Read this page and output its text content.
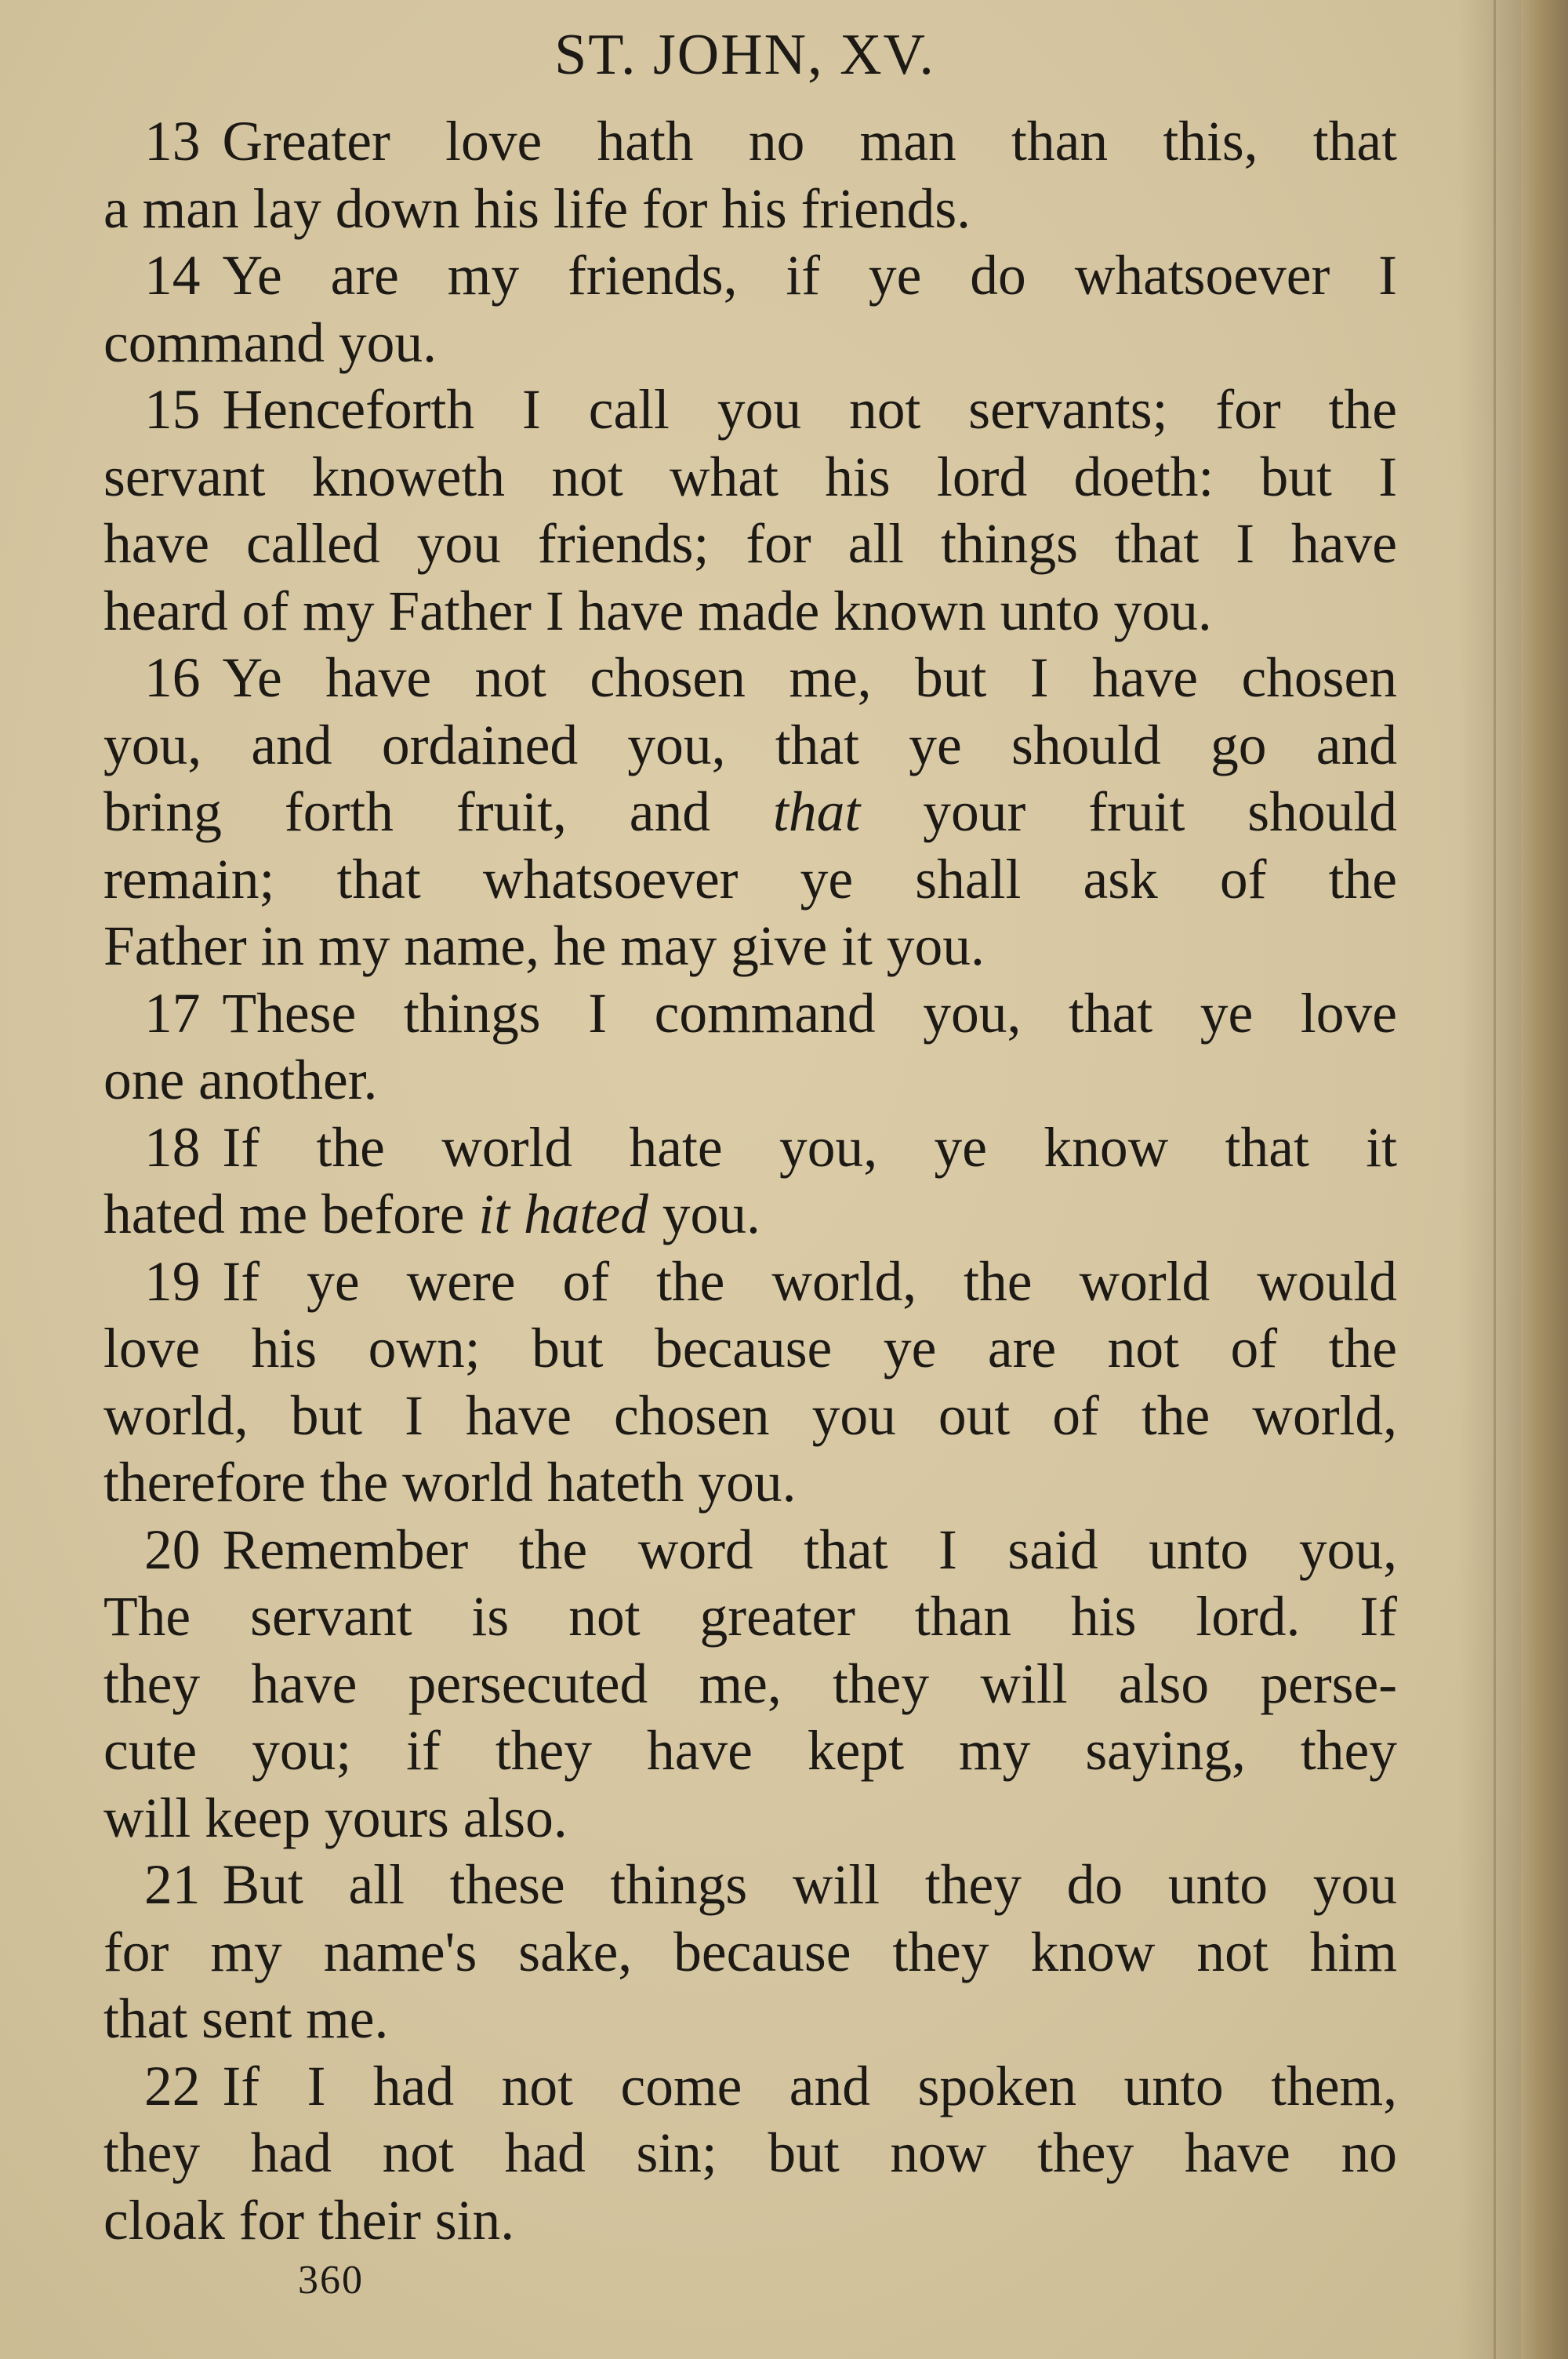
ST. JOHN, XV.
13 Greater love hath no man than this, that
a man lay down his life for his friends.
14 Ye are my friends, if ye do whatsoever I
command you.
15 Henceforth I call you not servants; for the
servant knoweth not what his lord doeth: but I
have called you friends; for all things that I have
heard of my Father I have made known unto you.
16 Ye have not chosen me, but I have chosen
you, and ordained you, that ye should go and
bring forth fruit, and that your fruit should
remain; that whatsoever ye shall ask of the
Father in my name, he may give it you.
17 These things I command you, that ye love
one another.
18 If the world hate you, ye know that it
hated me before it hated you.
19 If ye were of the world, the world would
love his own; but because ye are not of the
world, but I have chosen you out of the world,
therefore the world hateth you.
20 Remember the word that I said unto you,
The servant is not greater than his lord. If
they have persecuted me, they will also perse-
cute you; if they have kept my saying, they
will keep yours also.
21 But all these things will they do unto you
for my name's sake, because they know not him
that sent me.
22 If I had not come and spoken unto them,
they had not had sin; but now they have no
cloak for their sin.
360
